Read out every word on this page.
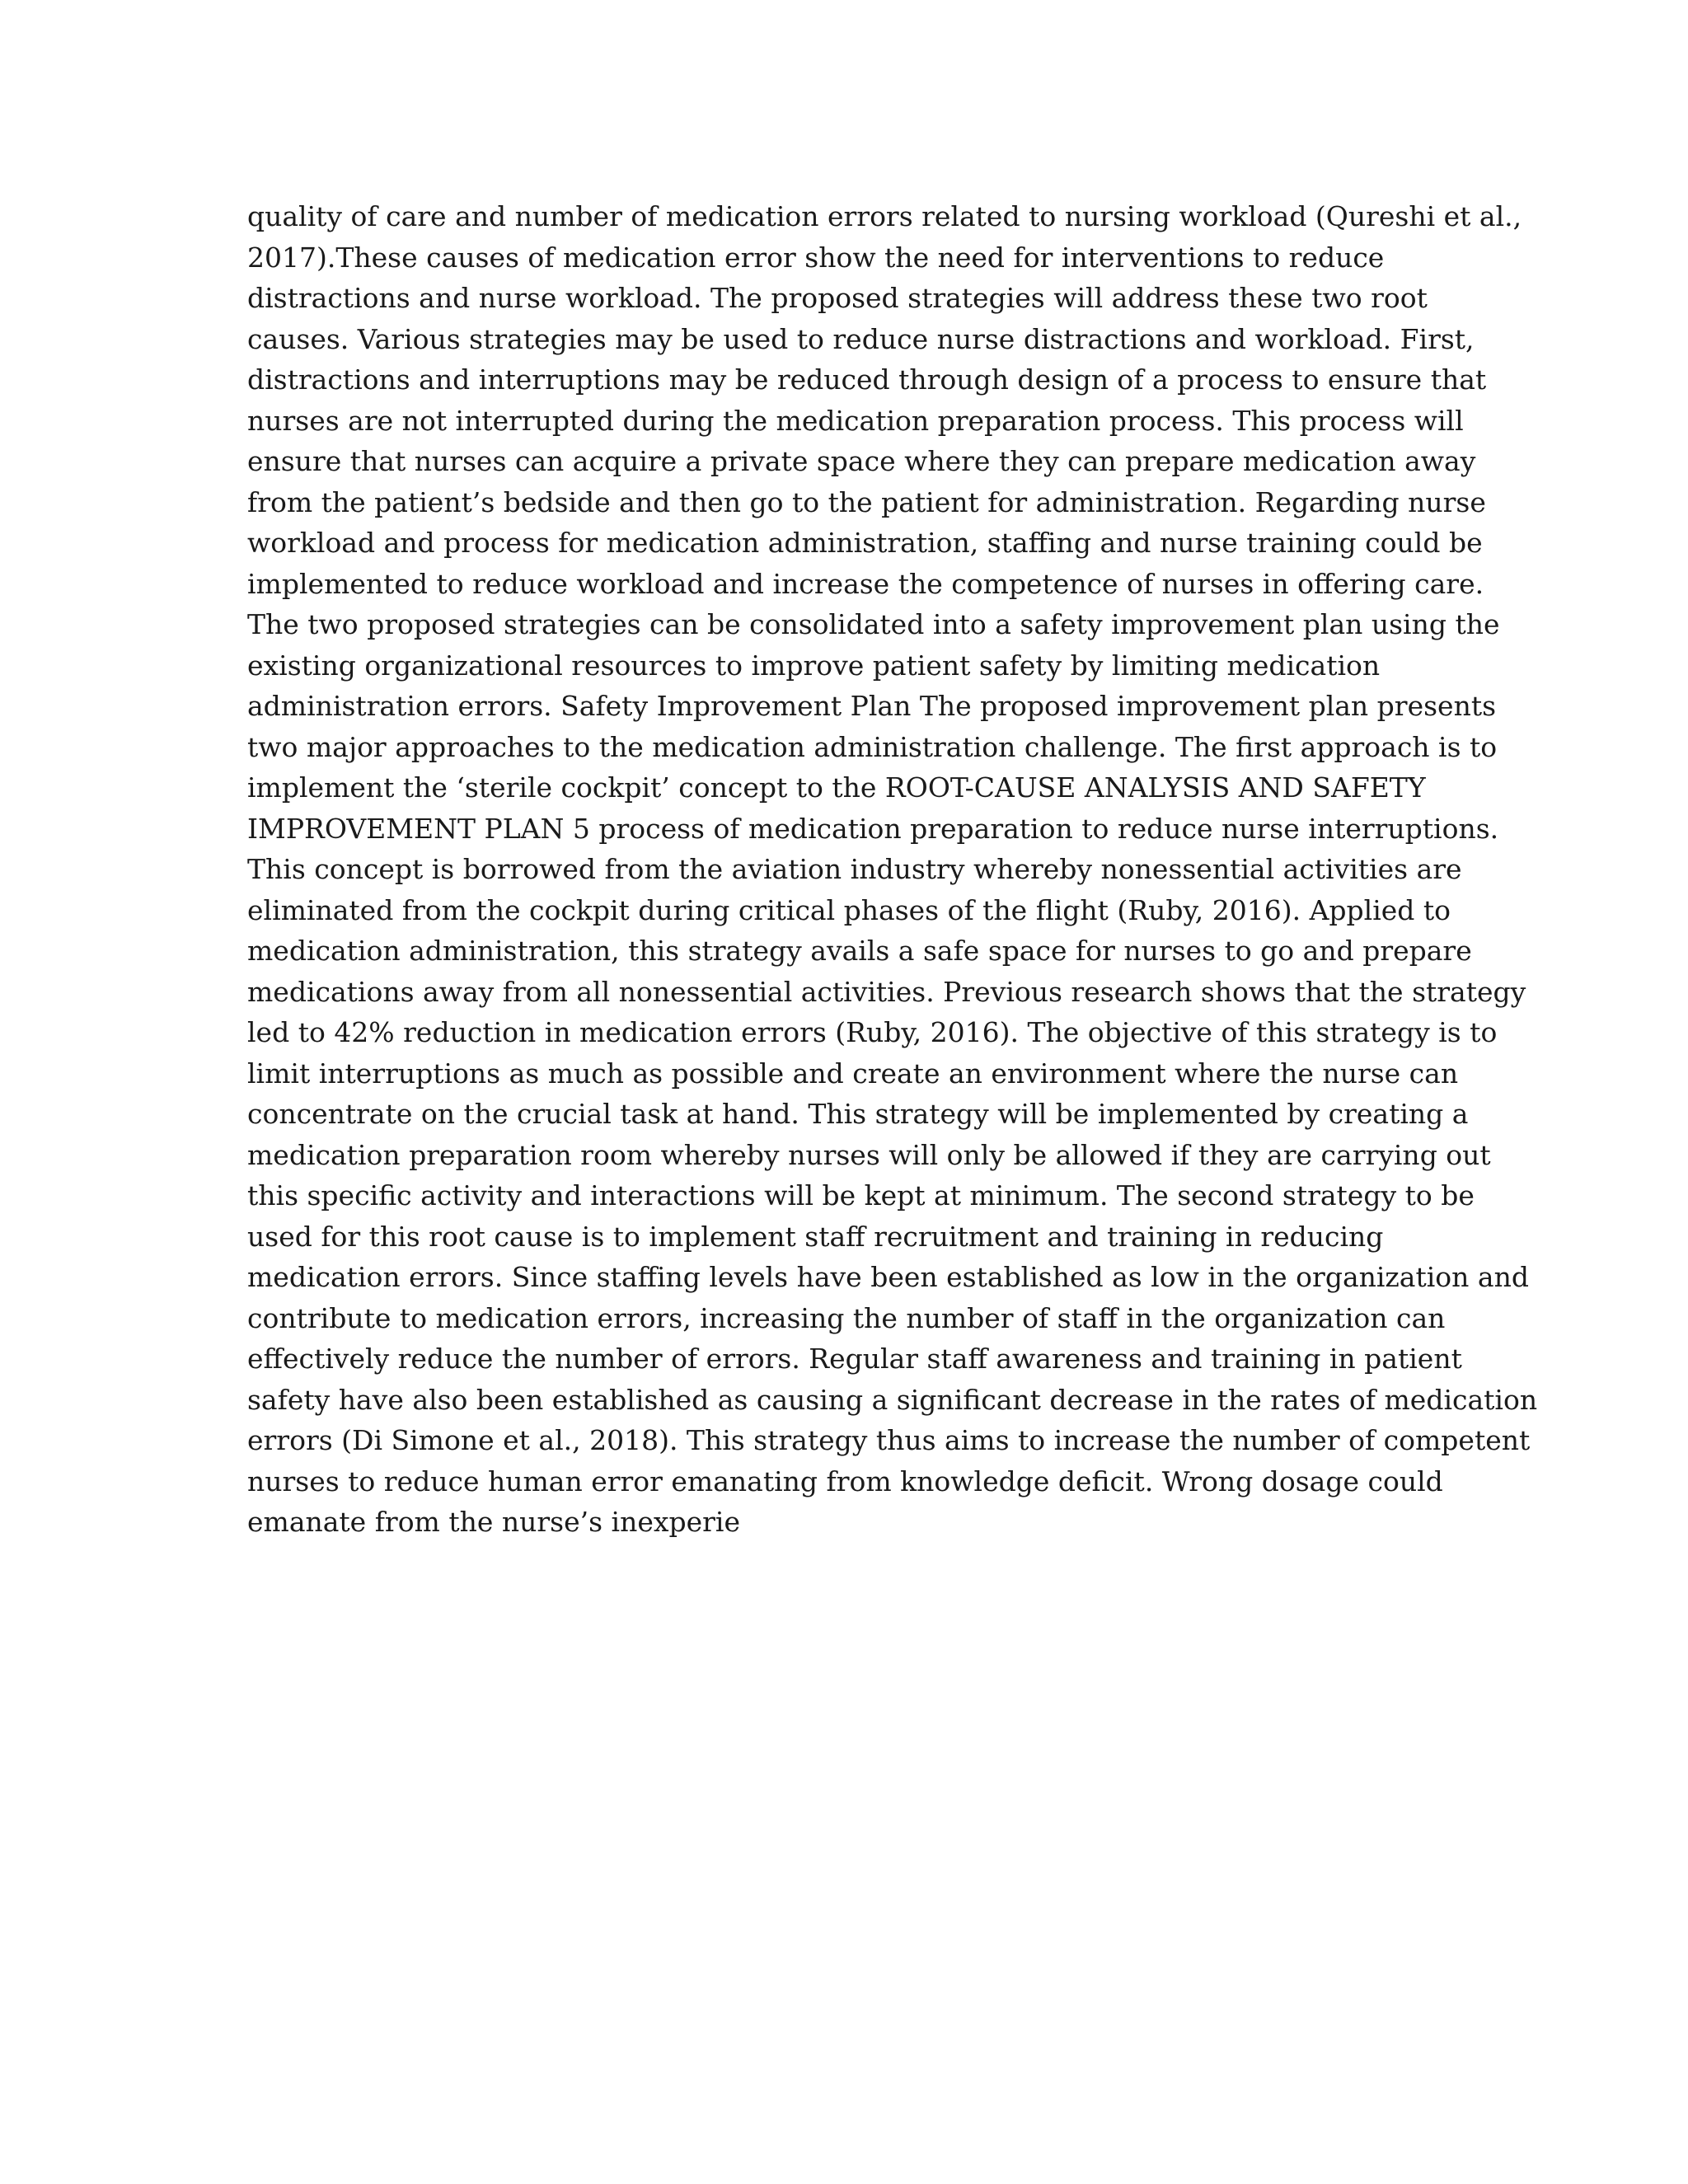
quality of care and number of medication errors related to nursing workload (Qureshi et al.,
2017).These causes of medication error show the need for interventions to reduce
distractions and nurse workload. The proposed strategies will address these two root
causes. Various strategies may be used to reduce nurse distractions and workload. First,
distractions and interruptions may be reduced through design of a process to ensure that
nurses are not interrupted during the medication preparation process. This process will
ensure that nurses can acquire a private space where they can prepare medication away
from the patient’s bedside and then go to the patient for administration. Regarding nurse
workload and process for medication administration, staffing and nurse training could be
implemented to reduce workload and increase the competence of nurses in offering care.
The two proposed strategies can be consolidated into a safety improvement plan using the
existing organizational resources to improve patient safety by limiting medication
administration errors. Safety Improvement Plan The proposed improvement plan presents
two major approaches to the medication administration challenge. The first approach is to
implement the ‘sterile cockpit’ concept to the ROOT-CAUSE ANALYSIS AND SAFETY
IMPROVEMENT PLAN 5 process of medication preparation to reduce nurse interruptions.
This concept is borrowed from the aviation industry whereby nonessential activities are
eliminated from the cockpit during critical phases of the flight (Ruby, 2016). Applied to
medication administration, this strategy avails a safe space for nurses to go and prepare
medications away from all nonessential activities. Previous research shows that the strategy
led to 42% reduction in medication errors (Ruby, 2016). The objective of this strategy is to
limit interruptions as much as possible and create an environment where the nurse can
concentrate on the crucial task at hand. This strategy will be implemented by creating a
medication preparation room whereby nurses will only be allowed if they are carrying out
this specific activity and interactions will be kept at minimum. The second strategy to be
used for this root cause is to implement staff recruitment and training in reducing
medication errors. Since staffing levels have been established as low in the organization and
contribute to medication errors, increasing the number of staff in the organization can
effectively reduce the number of errors. Regular staff awareness and training in patient
safety have also been established as causing a significant decrease in the rates of medication
errors (Di Simone et al., 2018). This strategy thus aims to increase the number of competent
nurses to reduce human error emanating from knowledge deficit. Wrong dosage could
emanate from the nurse’s inexperie
